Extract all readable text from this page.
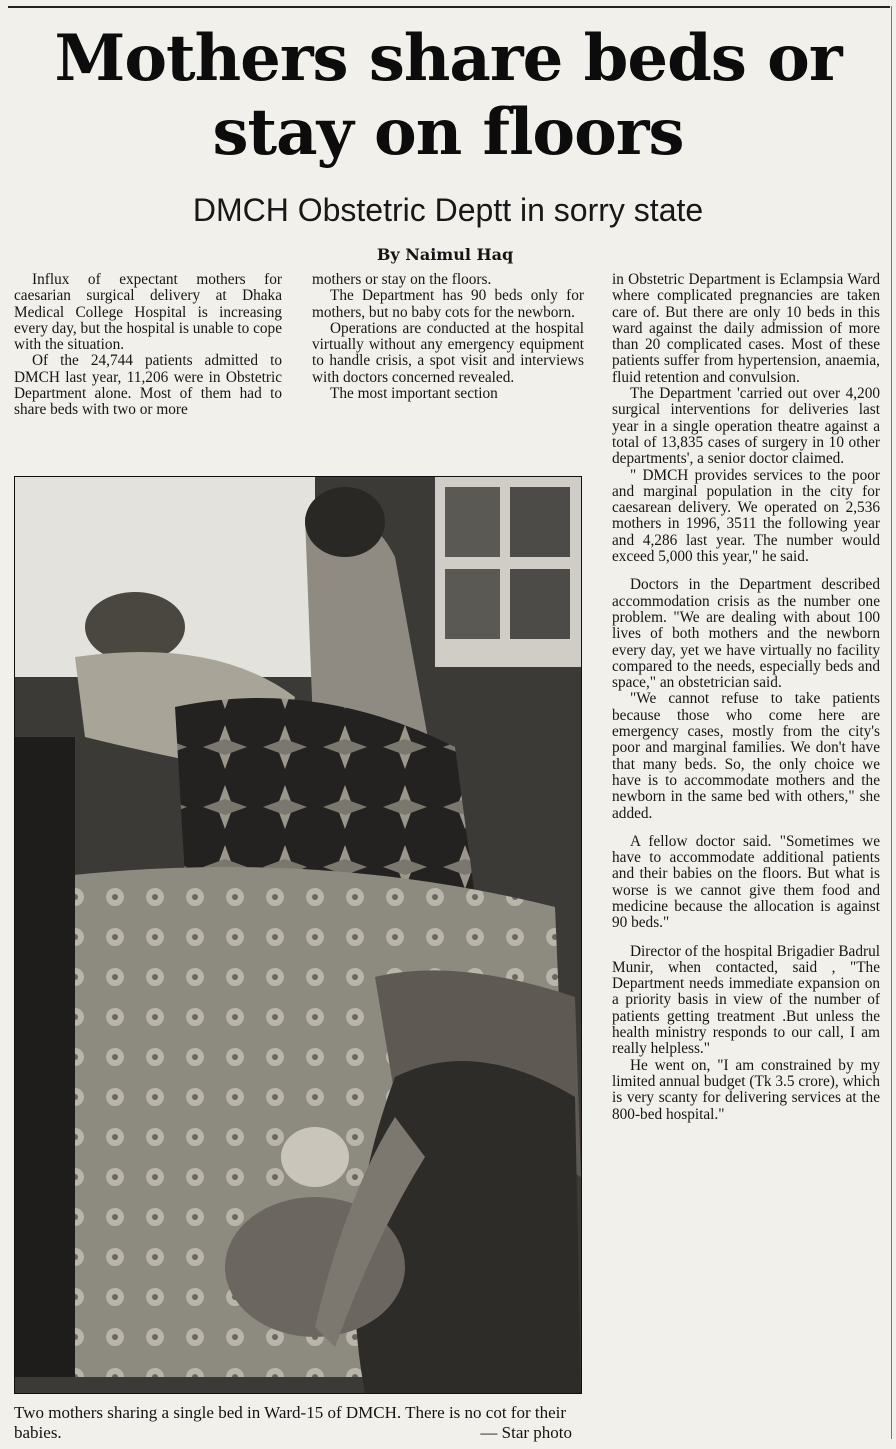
Mothers share beds or
stay on floors
DMCH Obstetric Deptt in sorry state
By Naimul Haq

Influx of expectant mothers for caesarian surgical delivery at Dhaka Medical College Hospital is increasing every day, but the hospital is unable to cope with the situation.

Of the 24,744 patients admitted to DMCH last year, 11,206 were in Obstetric Department alone. Most of them had to share beds with two or more

mothers or stay on the floors.

The Department has 90 beds only for mothers, but no baby cots for the newborn.

Operations are conducted at the hospital virtually without any emergency equipment to handle crisis, a spot visit and interviews with doctors concerned revealed.

The most important section

in Obstetric Department is Eclampsia Ward where complicated pregnancies are taken care of. But there are only 10 beds in this ward against the daily admission of more than 20 complicated cases. Most of these patients suffer from hypertension, anaemia, fluid retention and convulsion.

The Department 'carried out over 4,200 surgical interventions for deliveries last year in a single operation theatre against a total of 13,835 cases of surgery in 10 other departments', a senior doctor claimed.

" DMCH provides services to the poor and marginal population in the city for caesarean delivery. We operated on 2,536 mothers in 1996, 3511 the following year and 4,286 last year. The number would exceed 5,000 this year," he said.

Doctors in the Department described accommodation crisis as the number one problem. "We are dealing with about 100 lives of both mothers and the newborn every day, yet we have virtually no facility compared to the needs, especially beds and space," an obstetrician said.

"We cannot refuse to take patients because those who come here are emergency cases, mostly from the city's poor and marginal families. We don't have that many beds. So, the only choice we have is to accommodate mothers and the newborn in the same bed with others," she added.

A fellow doctor said. "Sometimes we have to accommodate additional patients and their babies on the floors. But what is worse is we cannot give them food and medicine because the allocation is against 90 beds."

Director of the hospital Brigadier Badrul Munir, when contacted, said , "The Department needs immediate expansion on a priority basis in view of the number of patients getting treatment .But unless the health ministry responds to our call, I am really helpless."

He went on, "I am constrained by my limited annual budget (Tk 3.5 crore), which is very scanty for delivering services at the 800-bed hospital."

Two mothers sharing a single bed in Ward-15 of DMCH. There is no cot for their babies.	— Star photo
